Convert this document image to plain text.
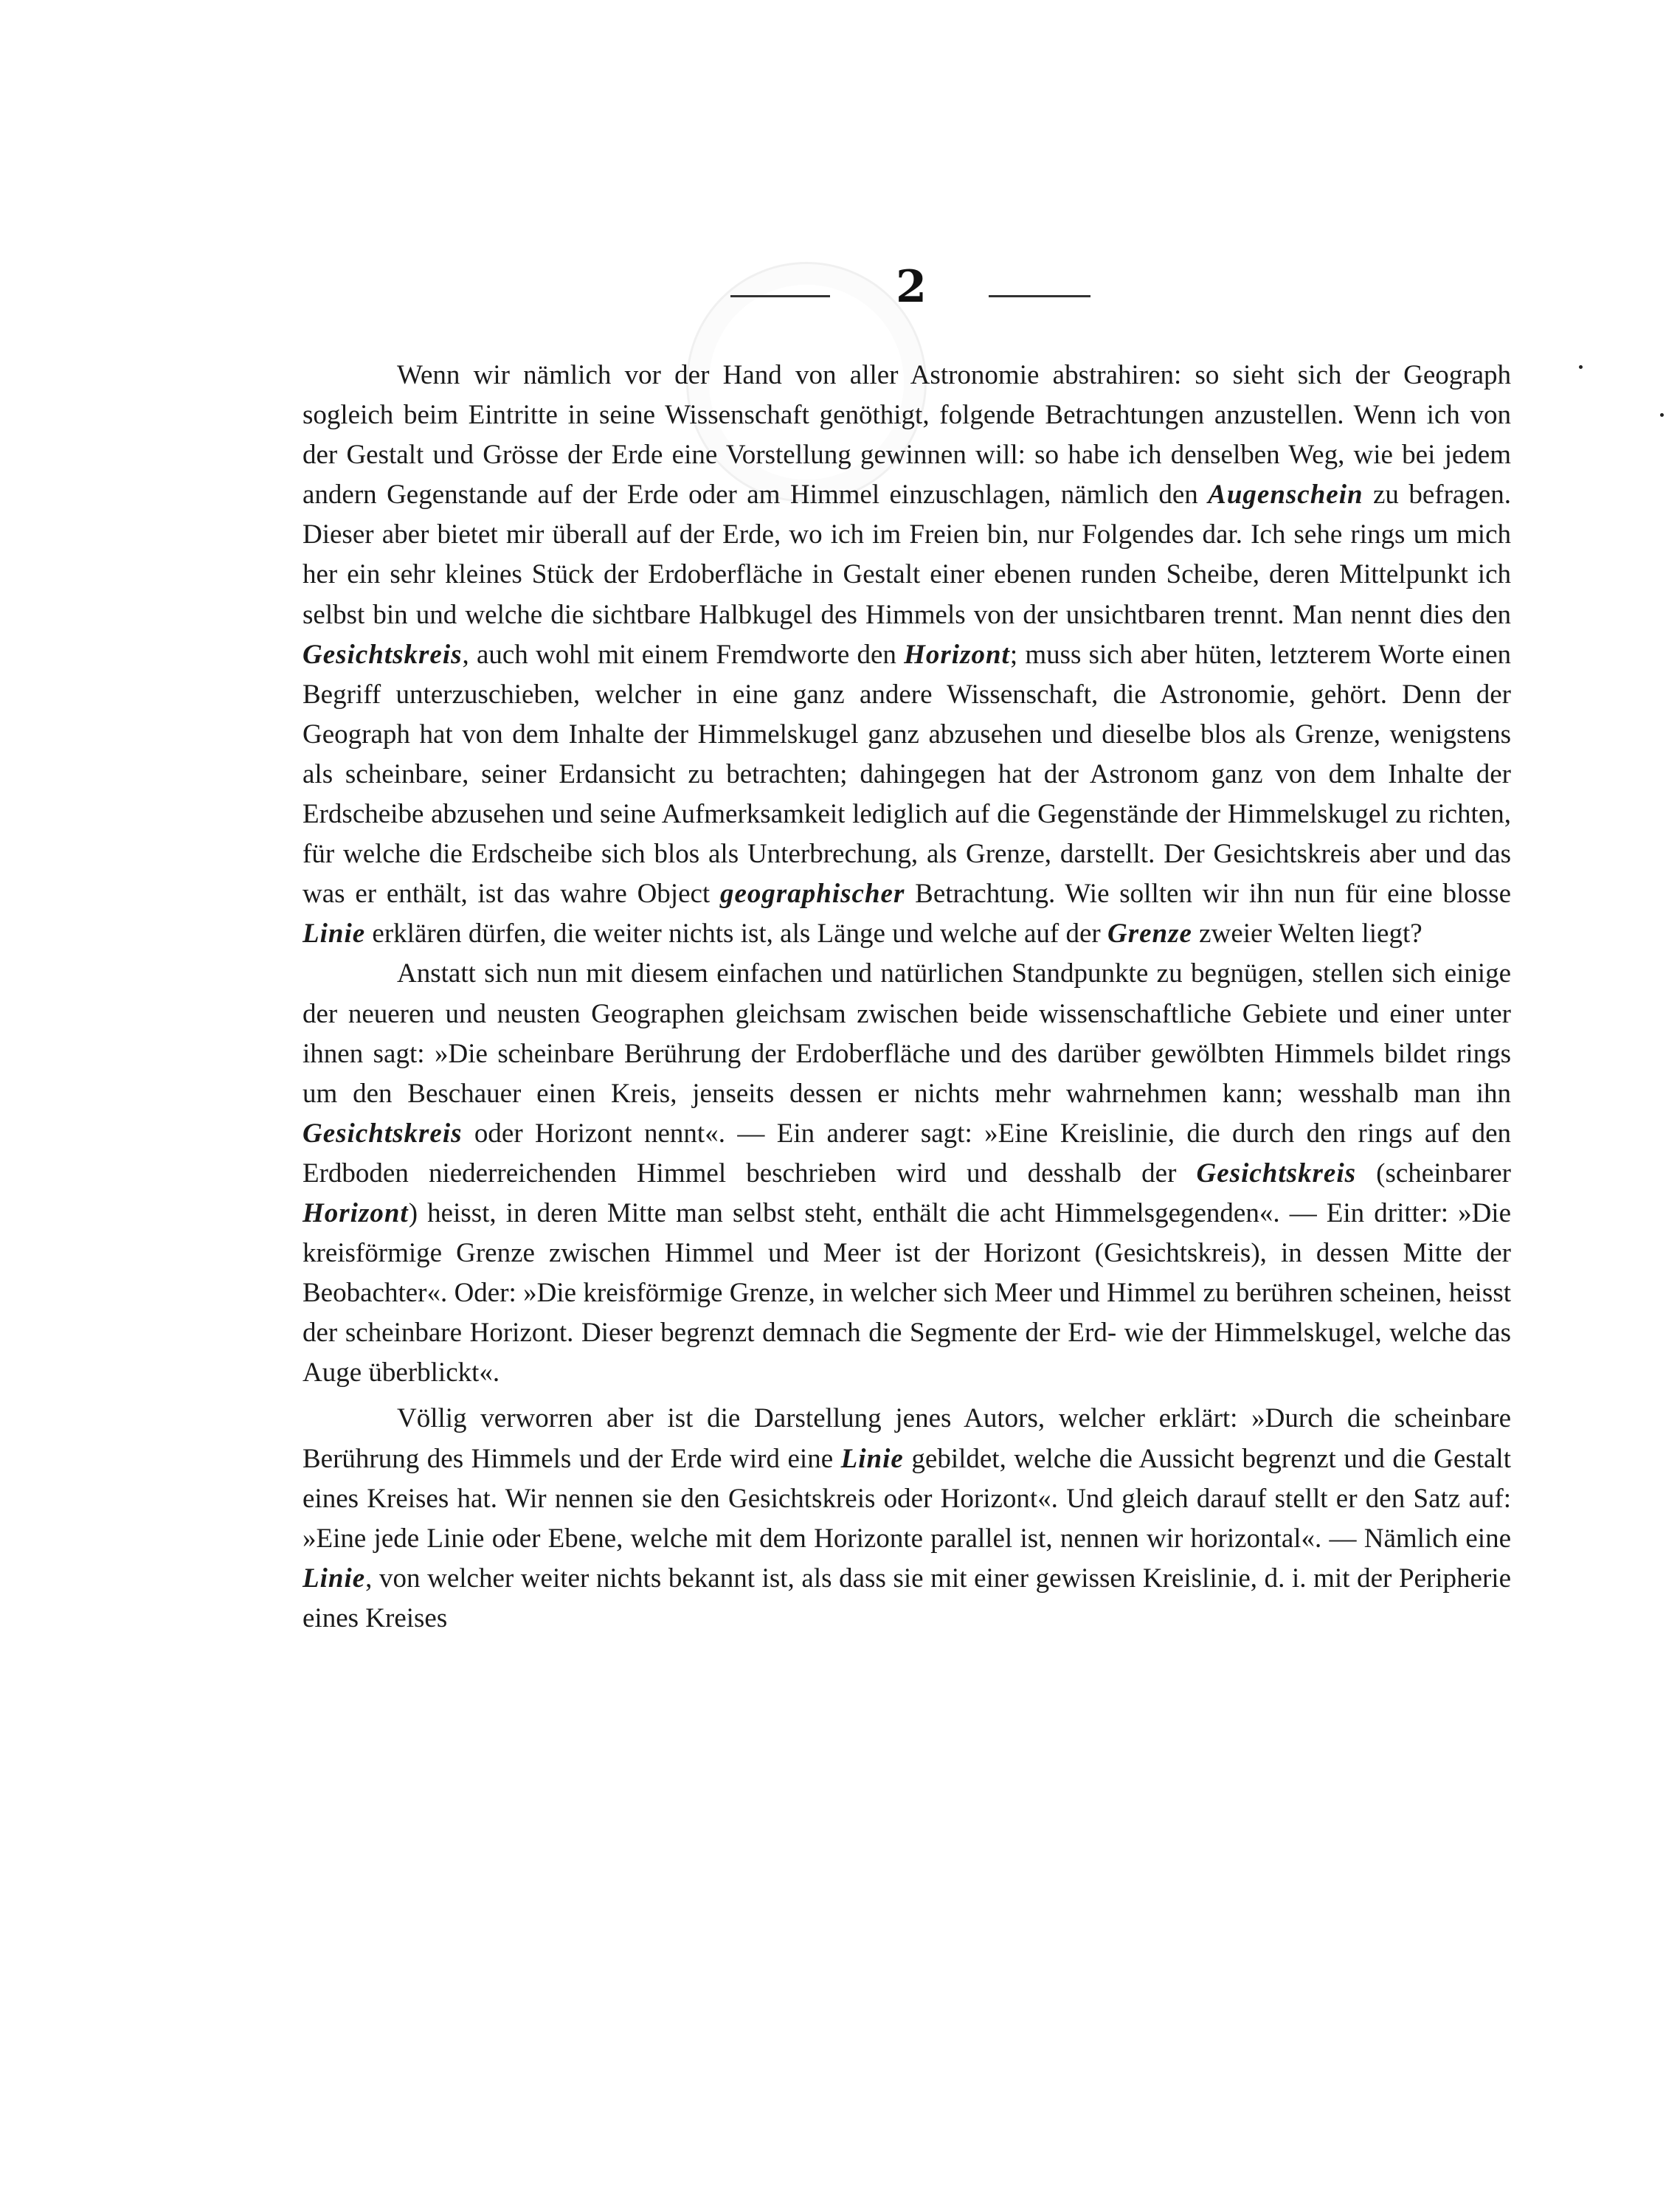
2

Wenn wir nämlich vor der Hand von aller Astronomie abstrahiren: so sieht sich der Geograph sogleich beim Eintritte in seine Wissenschaft genöthigt, folgende Betrachtungen anzustellen. Wenn ich von der Gestalt und Grösse der Erde eine Vorstellung gewinnen will: so habe ich denselben Weg, wie bei jedem andern Gegenstande auf der Erde oder am Himmel einzuschlagen, nämlich den Augenschein zu befragen. Dieser aber bietet mir überall auf der Erde, wo ich im Freien bin, nur Folgendes dar. Ich sehe rings um mich her ein sehr kleines Stück der Erdoberfläche in Gestalt einer ebenen runden Scheibe, deren Mittelpunkt ich selbst bin und welche die sichtbare Halbkugel des Himmels von der unsichtbaren trennt. Man nennt dies den Gesichtskreis, auch wohl mit einem Fremdworte den Horizont; muss sich aber hüten, letzterem Worte einen Begriff unterzuschieben, welcher in eine ganz andere Wissenschaft, die Astronomie, gehört. Denn der Geograph hat von dem Inhalte der Himmelskugel ganz abzusehen und dieselbe blos als Grenze, wenigstens als scheinbare, seiner Erdansicht zu betrachten; dahingegen hat der Astronom ganz von dem Inhalte der Erdscheibe abzusehen und seine Aufmerksamkeit lediglich auf die Gegenstände der Himmelskugel zu richten, für welche die Erdscheibe sich blos als Unterbrechung, als Grenze, darstellt. Der Gesichtskreis aber und das was er enthält, ist das wahre Object geographischer Betrachtung. Wie sollten wir ihn nun für eine blosse Linie erklären dürfen, die weiter nichts ist, als Länge und welche auf der Grenze zweier Welten liegt?

Anstatt sich nun mit diesem einfachen und natürlichen Standpunkte zu begnügen, stellen sich einige der neueren und neusten Geographen gleichsam zwischen beide wissenschaftliche Gebiete und einer unter ihnen sagt: »Die scheinbare Berührung der Erdoberfläche und des darüber gewölbten Himmels bildet rings um den Beschauer einen Kreis, jenseits dessen er nichts mehr wahrnehmen kann; wesshalb man ihn Gesichtskreis oder Horizont nennt«. — Ein anderer sagt: »Eine Kreislinie, die durch den rings auf den Erdboden niederreichenden Himmel beschrieben wird und desshalb der Gesichtskreis (scheinbarer Horizont) heisst, in deren Mitte man selbst steht, enthält die acht Himmelsgegenden«. — Ein dritter: »Die kreisförmige Grenze zwischen Himmel und Meer ist der Horizont (Gesichtskreis), in dessen Mitte der Beobachter«. Oder: »Die kreisförmige Grenze, in welcher sich Meer und Himmel zu berühren scheinen, heisst der scheinbare Horizont. Dieser begrenzt demnach die Segmente der Erd- wie der Himmelskugel, welche das Auge überblickt«.

Völlig verworren aber ist die Darstellung jenes Autors, welcher erklärt: »Durch die scheinbare Berührung des Himmels und der Erde wird eine Linie gebildet, welche die Aussicht begrenzt und die Gestalt eines Kreises hat. Wir nennen sie den Gesichtskreis oder Horizont«. Und gleich darauf stellt er den Satz auf: »Eine jede Linie oder Ebene, welche mit dem Horizonte parallel ist, nennen wir horizontal«. — Nämlich eine Linie, von welcher weiter nichts bekannt ist, als dass sie mit einer gewissen Kreislinie, d. i. mit der Peripherie eines Kreises
